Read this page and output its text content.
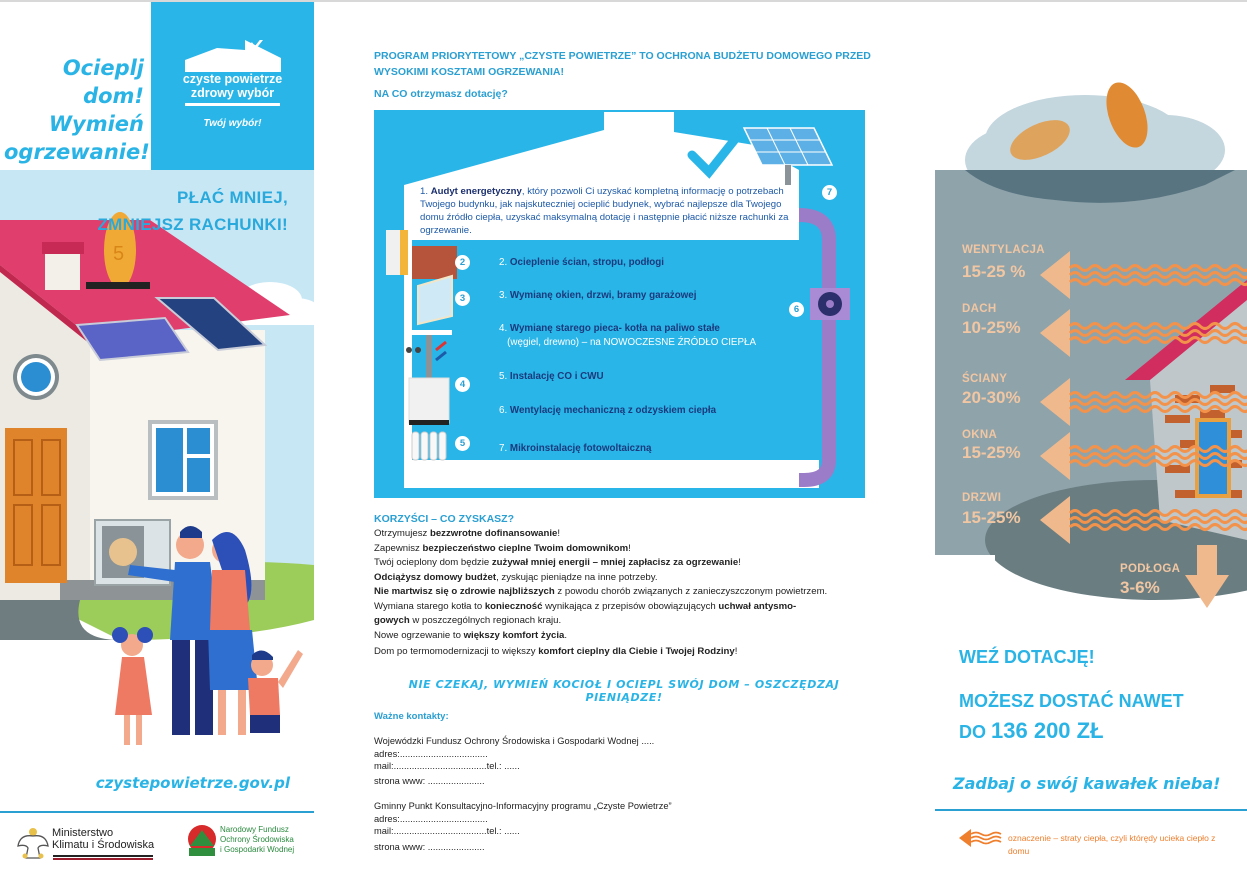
Ocieplj dom!
Wymień
ogrzewanie!
czyste powietrze
zdrowy wybór
Twój wybór!
5
PŁAĆ MNIEJ,
ZMNIEJSZ RACHUNKI!
czystepowietrze.gov.pl
Ministerstwo
Klimatu i Środowiska
Narodowy Fundusz
Ochrony Środowiska
i Gospodarki Wodnej
PROGRAM PRIORYTETOWY „CZYSTE POWIETRZE” TO OCHRONA BUDŻETU DOMOWEGO PRZED WYSOKIMI KOSZTAMI OGRZEWANIA!
NA CO otrzymasz dotację?
1. Audyt energetyczny, który pozwoli Ci uzyskać kompletną informację o potrzebach Twojego budynku, jak najskuteczniej ocieplić budynek, wybrać najlepsze dla Twojego domu źródło ciepła, uzyskać maksymalną dotację i następnie płacić niższe rachunki za ogrzewanie.
2. Ocieplenie ścian, stropu, podłogi
3. Wymianę okien, drzwi, bramy garażowej
4. Wymianę starego pieca- kotła na paliwo stałe
(węgiel, drewno) – na NOWOCZESNE ŹRÓDŁO CIEPŁA
5. Instalację CO i CWU
6. Wentylację mechaniczną z odzyskiem ciepła
7. Mikroinstalację fotowoltaiczną
2
3
4
5
6
7
KORZYŚCI – CO ZYSKASZ?
Otrzymujesz bezzwrotne dofinansowanie!
Zapewnisz bezpieczeństwo cieplne Twoim domownikom!
Twój ocieplony dom będzie zużywał mniej energii – mniej zapłacisz za ogrzewanie!
Odciążysz domowy budżet, zyskując pieniądze na inne potrzeby.
Nie martwisz się o zdrowie najbliższych z powodu chorób związanych z zanieczyszczonym powietrzem.
Wymiana starego kotła to konieczność wynikająca z przepisów obowiązujących uchwał antysmo-
gowych w poszczególnych regionach kraju.
Nowe ogrzewanie to większy komfort życia.
Dom po termomodernizacji to większy komfort cieplny dla Ciebie i Twojej Rodziny!
NIE CZEKAJ, WYMIEŃ KOCIOŁ I OCIEPL SWÓJ DOM – OSZCZĘDZAJ PIENIĄDZE!
Ważne kontakty:
Wojewódzki Fundusz Ochrony Środowiska i Gospodarki Wodnej .....
adres:..................................
mail:....................................tel.: ......
strona www: ......................
Gminny Punkt Konsultacyjno-Informacyjny programu „Czyste Powietrze”
adres:..................................
mail:....................................tel.: ......
strona www: ......................
WENTYLACJA
15-25 %
DACH
10-25%
ŚCIANY
20-30%
OKNA
15-25%
DRZWI
15-25%
PODŁOGA
3-6%
WEŹ DOTACJĘ!
MOŻESZ DOSTAĆ NAWET
DO 136 200 ZŁ
Zadbaj o swój kawałek nieba!
oznaczenie – straty ciepła, czyli którędy ucieka ciepło z domu
